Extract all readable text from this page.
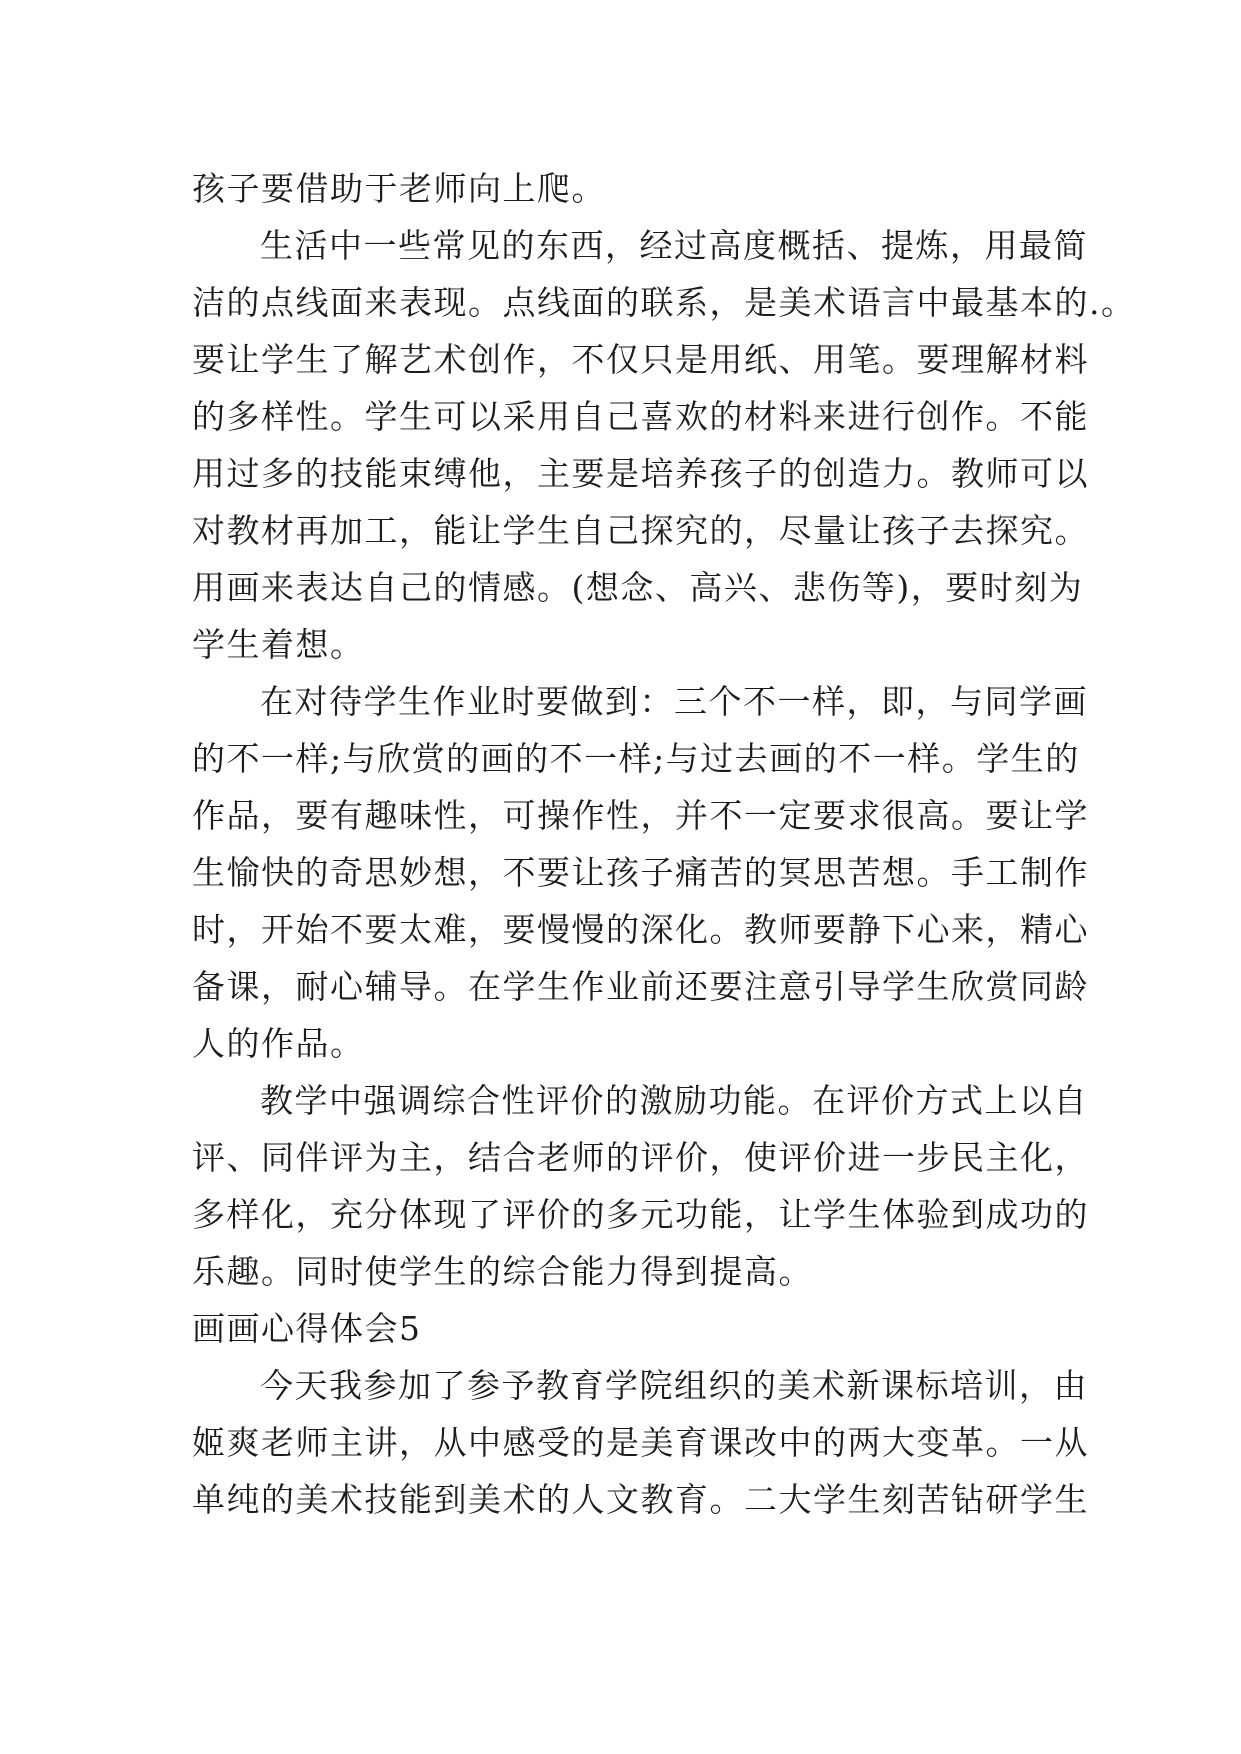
孩子要借助于老师向上爬。
生活中一些常见的东西，经过高度概括、提炼，用最简
洁的点线面来表现。点线面的联系，是美术语言中最基本的.。
要让学生了解艺术创作，不仅只是用纸、用笔。要理解材料
的多样性。学生可以采用自己喜欢的材料来进行创作。不能
用过多的技能束缚他，主要是培养孩子的创造力。教师可以
对教材再加工，能让学生自己探究的，尽量让孩子去探究。
用画来表达自己的情感。(想念、高兴、悲伤等)，要时刻为
学生着想。
在对待学生作业时要做到：三个不一样，即，与同学画
的不一样;与欣赏的画的不一样;与过去画的不一样。学生的
作品，要有趣味性，可操作性，并不一定要求很高。要让学
生愉快的奇思妙想，不要让孩子痛苦的冥思苦想。手工制作
时，开始不要太难，要慢慢的深化。教师要静下心来，精心
备课，耐心辅导。在学生作业前还要注意引导学生欣赏同龄
人的作品。
教学中强调综合性评价的激励功能。在评价方式上以自
评、同伴评为主，结合老师的评价，使评价进一步民主化，
多样化，充分体现了评价的多元功能，让学生体验到成功的
乐趣。同时使学生的综合能力得到提高。
画画心得体会5
今天我参加了参予教育学院组织的美术新课标培训，由
姬爽老师主讲，从中感受的是美育课改中的两大变革。一从
单纯的美术技能到美术的人文教育。二大学生刻苦钻研学生
